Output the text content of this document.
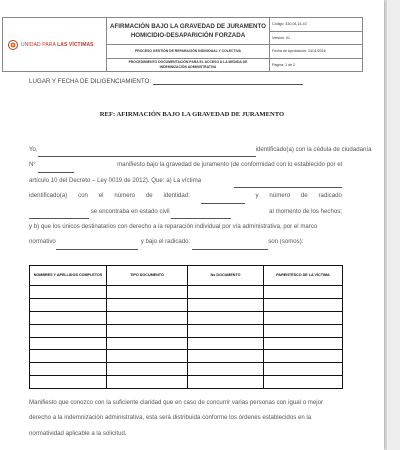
UNIDAD PARA LAS VÍCTIMAS	AFIRMACIÓN BAJO LA GRAVEDAD DE JURAMENTO
HOMICIDIO-DESAPARICIÓN FORZADA	Código: 430,08,15-43
		Versión: 01
	PROCESO GESTIÓN DE REPARACIÓN INDIVIDUAL Y COLECTIVA	Fecha de Aprobación: 24/11/2016

	PROCEDIMIENTO DOCUMENTACIÓN PARA EL ACCESO A LA MEDIDA DE
INDEMNIZACIÓN ADMINISTRATIVA	Página: 1 de 2
LUGAR Y FECHA DE DILIGENCIAMIENTO:
REF: AFIRMACIÓN BAJO LA GRAVEDAD DE JURAMENTO
Yo,	identificado(a) con la cédula de ciudadanía
N°	manifiesto bajo la gravedad de juramento (de conformidad con lo establecido por el
artículo 10 del Decreto – Ley 0019 de 2012). Que: a) La víctima
identificado(a) con el número de identidad:	y número de radicado
se encontraba en estado civil	al momento de los hechos;
y b) que los únicos destinatarios con derecho a la reparación individual por vía administrativa, por el marco
normativo	y bajo el radicado:	son (somos):
NOMBRES Y APELLIDOS COMPLETOS	TIPO DOCUMENTO	No DOCUMENTO	PARENTESCO DE LA VÍCTIMA

Manifiesto que conozco con la suficiente claridad que en caso de concurrir varias personas con igual o mejor
derecho a la indemnización administrativa, esta será distribuida conforme los órdenes establecidos en la
normatividad aplicable a la solicitud.
